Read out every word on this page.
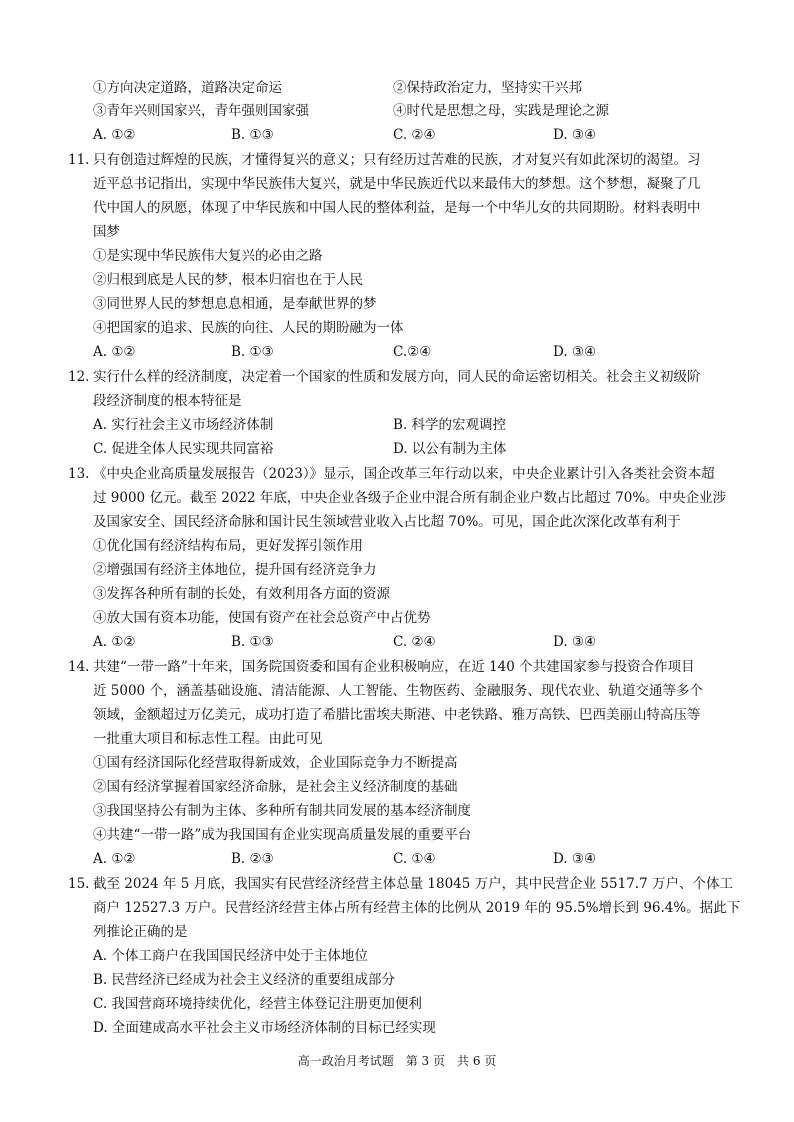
①方向决定道路，道路决定命运	②保持政治定力，坚持实干兴邦
③青年兴则国家兴，青年强则国家强	④时代是思想之母，实践是理论之源
A. ①②	B. ①③	C. ②④	D. ③④
11. 只有创造过辉煌的民族，才懂得复兴的意义；只有经历过苦难的民族，才对复兴有如此深切的渴望。习
近平总书记指出，实现中华民族伟大复兴，就是中华民族近代以来最伟大的梦想。这个梦想，凝聚了几
代中国人的夙愿，体现了中华民族和中国人民的整体利益，是每一个中华儿女的共同期盼。材料表明中
国梦
①是实现中华民族伟大复兴的必由之路
②归根到底是人民的梦，根本归宿也在于人民
③同世界人民的梦想息息相通，是奉献世界的梦
④把国家的追求、民族的向往、人民的期盼融为一体
A. ①②	B. ①③	C.②④	D. ③④
12. 实行什么样的经济制度，决定着一个国家的性质和发展方向，同人民的命运密切相关。社会主义初级阶
段经济制度的根本特征是
A. 实行社会主义市场经济体制	B. 科学的宏观调控
C. 促进全体人民实现共同富裕	D. 以公有制为主体
13. 《中央企业高质量发展报告（2023）》显示，国企改革三年行动以来，中央企业累计引入各类社会资本超
过 9000 亿元。截至 2022 年底，中央企业各级子企业中混合所有制企业户数占比超过 70%。中央企业涉
及国家安全、国民经济命脉和国计民生领域营业收入占比超 70%。可见，国企此次深化改革有利于
①优化国有经济结构布局，更好发挥引领作用
②增强国有经济主体地位，提升国有经济竞争力
③发挥各种所有制的长处，有效利用各方面的资源
④放大国有资本功能，使国有资产在社会总资产中占优势
A. ①②	B. ①③	C. ②④	D. ③④
14. 共建“一带一路”十年来，国务院国资委和国有企业积极响应，在近 140 个共建国家参与投资合作项目
近 5000 个，涵盖基础设施、清洁能源、人工智能、生物医药、金融服务、现代农业、轨道交通等多个
领域，金额超过万亿美元，成功打造了希腊比雷埃夫斯港、中老铁路、雅万高铁、巴西美丽山特高压等
一批重大项目和标志性工程。由此可见
①国有经济国际化经营取得新成效，企业国际竞争力不断提高
②国有经济掌握着国家经济命脉，是社会主义经济制度的基础
③我国坚持公有制为主体、多种所有制共同发展的基本经济制度
④共建“一带一路”成为我国国有企业实现高质量发展的重要平台
A. ①②	B. ②③	C. ①④	D. ③④
15. 截至 2024 年 5 月底，我国实有民营经济经营主体总量 18045 万户，其中民营企业 5517.7 万户、个体工
商户 12527.3 万户。民营经济经营主体占所有经营主体的比例从 2019 年的 95.5%增长到 96.4%。据此下
列推论正确的是
A. 个体工商户在我国国民经济中处于主体地位
B. 民营经济已经成为社会主义经济的重要组成部分
C. 我国营商环境持续优化，经营主体登记注册更加便利
D. 全面建成高水平社会主义市场经济体制的目标已经实现
高一政治月考试题　第 3 页　共 6 页
